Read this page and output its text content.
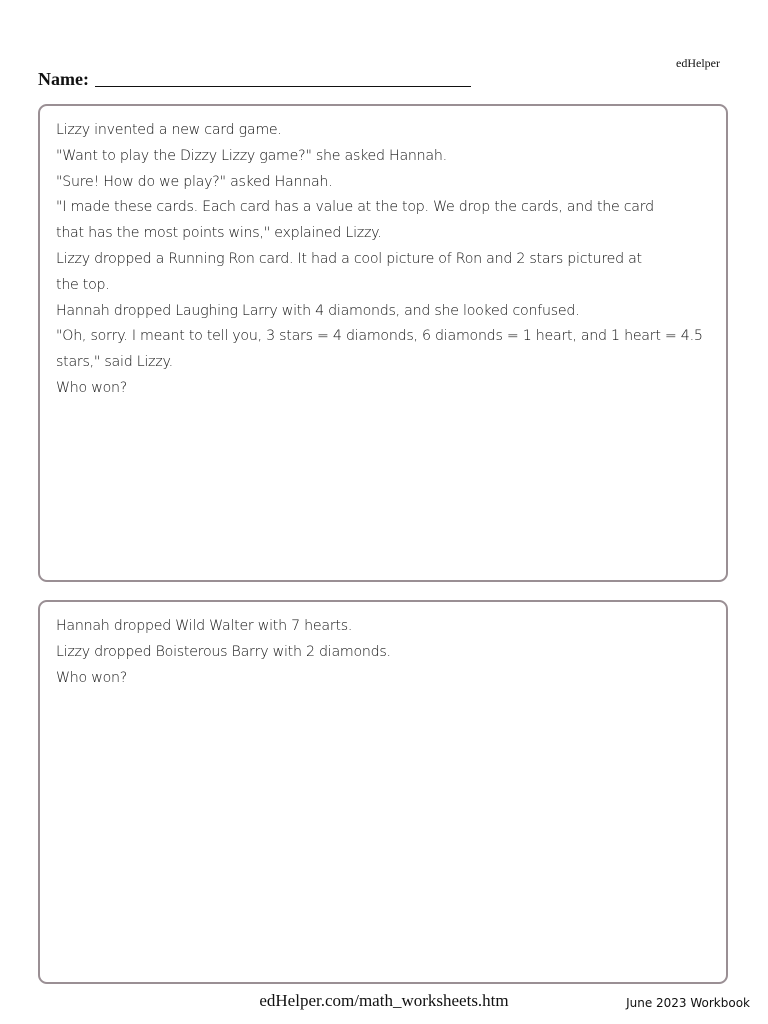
edHelper
Name:
Lizzy invented a new card game.
"Want to play the Dizzy Lizzy game?" she asked Hannah.
"Sure! How do we play?" asked Hannah.
"I made these cards. Each card has a value at the top. We drop the cards, and the card
that has the most points wins," explained Lizzy.
Lizzy dropped a Running Ron card. It had a cool picture of Ron and 2 stars pictured at
the top.
Hannah dropped Laughing Larry with 4 diamonds, and she looked confused.
"Oh, sorry. I meant to tell you, 3 stars = 4 diamonds, 6 diamonds = 1 heart, and 1 heart = 4.5
stars," said Lizzy.
Who won?
Hannah dropped Wild Walter with 7 hearts.
Lizzy dropped Boisterous Barry with 2 diamonds.
Who won?
edHelper.com/math_worksheets.htm	June 2023 Workbook
